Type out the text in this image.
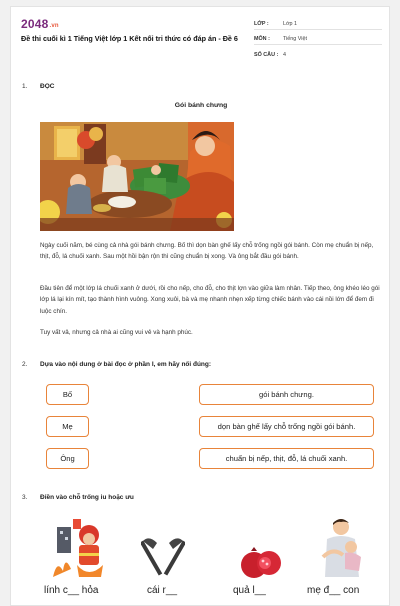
2048.vn
Đề thi cuối kì 1 Tiếng Việt lớp 1 Kết nối tri thức có đáp án - Đề 6
LỚP :	Lớp 1
MÔN :	Tiếng Việt
SỐ CÂU : 4
1. ĐỌC
Gói bánh chưng
Ngày cuối năm, bé cùng cả nhà gói bánh chưng. Bố thì dọn bàn ghế lấy chỗ trống ngồi gói bánh. Còn mẹ chuẩn bị nếp, thịt, đỗ, lá chuối xanh. Sau một hồi bận rộn thì cũng chuẩn bị xong. Và ông bắt đầu gói bánh.
Đầu tiên để một lớp lá chuối xanh ở dưới, rồi cho nếp, cho đỗ, cho thịt lợn vào giữa làm nhân. Tiếp theo, ông khéo léo gói lớp lá lại kín mít, tạo thành hình vuông. Xong xuôi, bà và mẹ nhanh nhẹn xếp từng chiếc bánh vào cái nồi lớn để đem đi luộc chín.
Tuy vất vả, nhưng cả nhà ai cũng vui vẻ và hạnh phúc.
2. Dựa vào nội dung ở bài đọc ở phần I, em hãy nối đúng:
Bố
Mẹ
Ông
gói bánh chưng.
dọn bàn ghế lấy chỗ trống ngồi gói bánh.
chuẩn bị nếp, thịt, đỗ, lá chuối xanh.
3. Điền vào chỗ trống iu hoặc ưu
lính c__ hỏa	cái r__	quả l__	mẹ đ__ con
